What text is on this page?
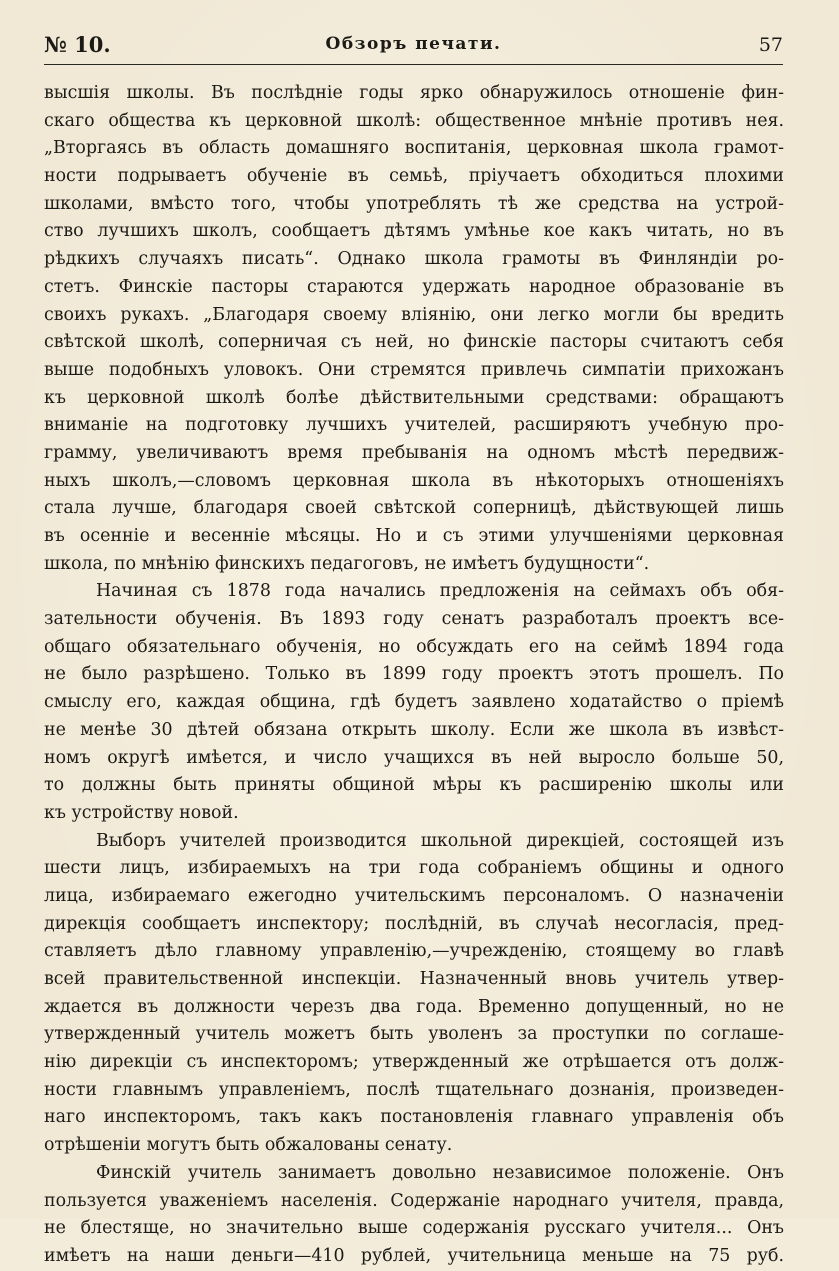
№ 10.	Обзоръ печати.	57
высшія школы. Въ послѣдніе годы ярко обнаружилось отношеніе фин-
скаго общества къ церковной школѣ: общественное мнѣніе противъ нея.
„Вторгаясь въ область домашняго воспитанія, церковная школа грамот-
ности подрываетъ обученіе въ семьѣ, пріучаетъ обходиться плохими
школами, вмѣсто того, чтобы употреблять тѣ же средства на устрой-
ство лучшихъ школъ, сообщаетъ дѣтямъ умѣнье кое какъ читать, но въ
рѣдкихъ случаяхъ писать“. Однако школа грамоты въ Финляндіи ро-
стетъ. Финскіе пасторы стараются удержать народное образованіе въ
своихъ рукахъ. „Благодаря своему вліянію, они легко могли бы вредить
свѣтской школѣ, соперничая съ ней, но финскіе пасторы считаютъ себя
выше подобныхъ уловокъ. Они стремятся привлечь симпатіи прихожанъ
къ церковной школѣ болѣе дѣйствительными средствами: обращаютъ
вниманіе на подготовку лучшихъ учителей, расширяютъ учебную про-
грамму, увеличиваютъ время пребыванія на одномъ мѣстѣ передвиж-
ныхъ школъ,—словомъ церковная школа въ нѣкоторыхъ отношеніяхъ
стала лучше, благодаря своей свѣтской соперницѣ, дѣйствующей лишь
въ осенніе и весенніе мѣсяцы. Но и съ этими улучшеніями церковная
школа, по мнѣнію финскихъ педагоговъ, не имѣетъ будущности“.
Начиная съ 1878 года начались предложенія на сеймахъ объ обя-
зательности обученія. Въ 1893 году сенатъ разработалъ проектъ все-
общаго обязательнаго обученія, но обсуждать его на сеймѣ 1894 года
не было разрѣшено. Только въ 1899 году проектъ этотъ прошелъ. По
смыслу его, каждая община, гдѣ будетъ заявлено ходатайство о пріемѣ
не менѣе 30 дѣтей обязана открыть школу. Если же школа въ извѣст-
номъ округѣ имѣется, и число учащихся въ ней выросло больше 50,
то должны быть приняты общиной мѣры къ расширенію школы или
къ устройству новой.
Выборъ учителей производится школьной дирекціей, состоящей изъ
шести лицъ, избираемыхъ на три года собраніемъ общины и одного
лица, избираемаго ежегодно учительскимъ персоналомъ. О назначеніи
дирекція сообщаетъ инспектору; послѣдній, въ случаѣ несогласія, пред-
ставляетъ дѣло главному управленію,—учрежденію, стоящему во главѣ
всей правительственной инспекціи. Назначенный вновь учитель утвер-
ждается въ должности черезъ два года. Временно допущенный, но не
утвержденный учитель можетъ быть уволенъ за проступки по соглаше-
нію дирекціи съ инспекторомъ; утвержденный же отрѣшается отъ долж-
ности главнымъ управленіемъ, послѣ тщательнаго дознанія, произведен-
наго инспекторомъ, такъ какъ постановленія главнаго управленія объ
отрѣшеніи могутъ быть обжалованы сенату.
Финскій учитель занимаетъ довольно независимое положеніе. Онъ
пользуется уваженіемъ населенія. Содержаніе народнаго учителя, правда,
не блестяще, но значительно выше содержанія русскаго учителя... Онъ
имѣетъ на наши деньги—410 рублей, учительница меньше на 75 руб.
